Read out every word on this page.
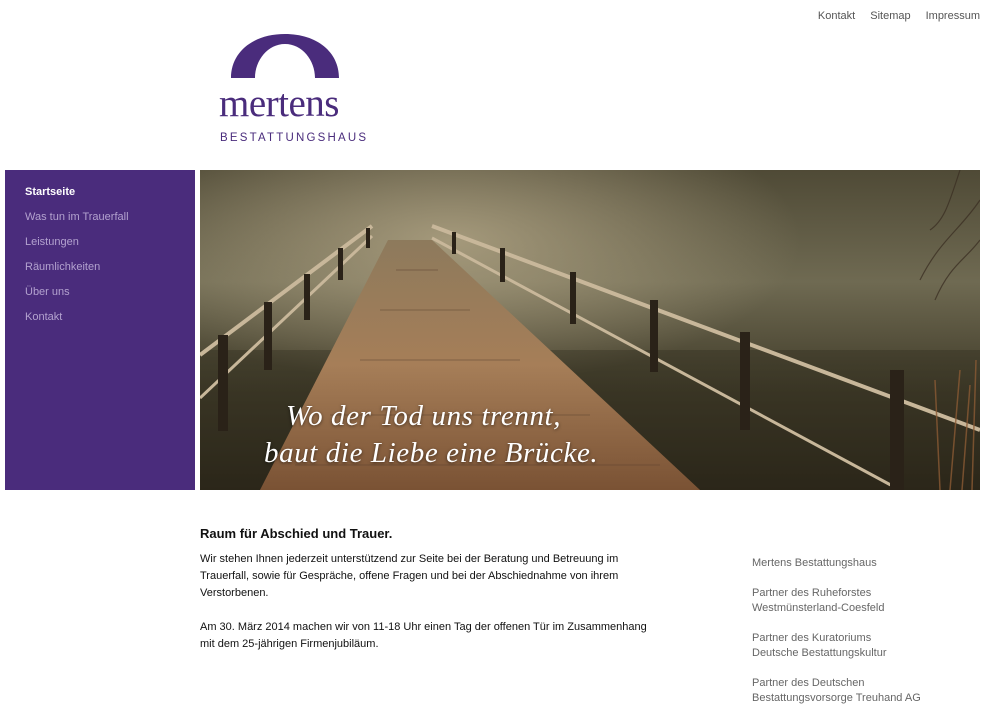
Kontakt Sitemap Impressum
mertens
BESTATTUNGSHAUS
Startseite
Was tun im Trauerfall
Leistungen
Räumlichkeiten
Über uns
Kontakt
Wo der Tod uns trennt,
baut die Liebe eine Brücke.
Raum für Abschied und Trauer.

Wir stehen Ihnen jederzeit unterstützend zur Seite bei der Beratung und Betreuung im Trauerfall, sowie für Gespräche, offene Fragen und bei der Abschiednahme von ihrem Verstorbenen.

Am 30. März 2014 machen wir von 11-18 Uhr einen Tag der offenen Tür im Zusammenhang mit dem 25-jährigen Firmenjubiläum.

Mertens Bestattungshaus
Partner des Ruheforstes
Westmünsterland-Coesfeld
Partner des Kuratoriums
Deutsche Bestattungskultur
Partner des Deutschen
Bestattungsvorsorge Treuhand AG
